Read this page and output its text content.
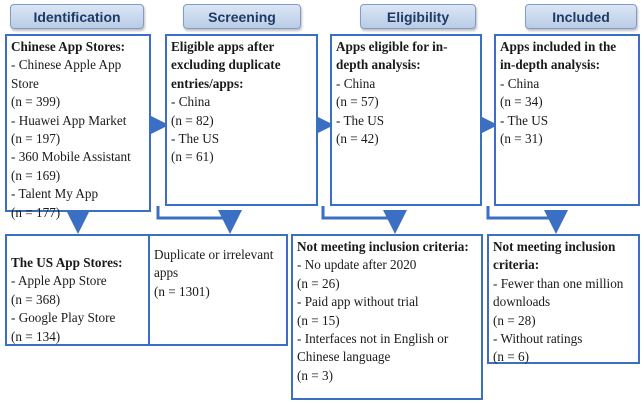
Identification	Screening	Eligibility	Included
Chinese App Stores:
- Chinese Apple App Store
(n = 399)
- Huawei App Market
(n = 197)
- 360 Mobile Assistant
(n = 169)
- Talent My App
(n = 177)
The US App Stores:
- Apple App Store
(n = 368)
- Google Play Store
(n = 134)
Eligible apps after excluding duplicate entries/apps:
- China
(n = 82)
- The US
(n = 61)
Duplicate or irrelevant apps
(n = 1301)
Apps eligible for in-depth analysis:
- China
(n = 57)
- The US
(n = 42)
Not meeting inclusion criteria:
- No update after 2020
(n = 26)
- Paid app without trial
(n = 15)
- Interfaces not in English or Chinese language
(n = 3)
Apps included in the in-depth analysis:
- China
(n = 34)
- The US
(n = 31)
Not meeting inclusion criteria:
- Fewer than one million downloads
(n = 28)
- Without ratings
(n = 6)
